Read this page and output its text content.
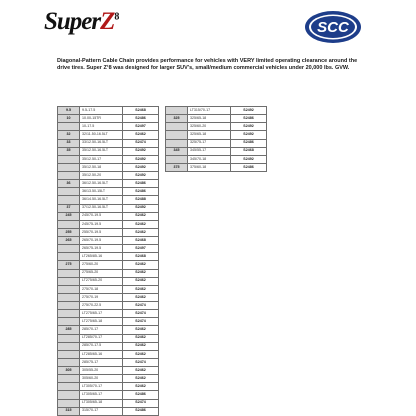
SuperZ$^8$
SCC
Diagonal-Pattern Cable Chain provides performance for vehicles with VERY limited operating clearance around the drive tires. Super Z¹8 was designed for larger SUV's, small/medium commercial vehicles under 20,000 lbs. GVW.
9.5	9.5-17.5	S2468
10	10.00-15TR	S2486
	10-17.5	S2497
32	32/11.50-16.5LT	S2462
33	33/12.50-16.5LT	S2474
35	35/12.50-16.5LT	S2492
	35/12.50-17	S2492
	35/12.50-18	S2492
	35/12.50-20	S2492
36	36/12.50-16.5LT	S2486
	36/13.50-15LT	S2486
	36/14.50-16.5LT	S2488
37	37/12.50-16.5LT	S2492
245	245/70-19.5	S2462
	245/75-19.5	S2462
255	255/70-19.5	S2462
265	265/70-19.5	S2468
	265/75-19.5	S2497
	LT265/85-16	S2468
275	275/60-20	S2462
	275/65-20	S2462
	LT275/65-20	S2462
	275/70-18	S2462
	275/70-19	S2462
	275/70-22.5	S2474
	LT275/65-17	S2474
	LT275/65-18	S2474
285	285/70-17	S2462
	LT285/70-17	S2462
	285/70-17.5	S2462
	LT285/65-16	S2462
	285/75-17	S2474
305	305/55-20	S2462
	305/60-20	S2462
	LT305/70-17	S2462
	LT305/65-17	S2486
	LT305/65-18	S2474
315	315/70-17	S2486
	LT315/70-17	S2492
325	325/65-18	S2486
	325/60-20	S2492
	325/65-18	S2492
	325/75-17	S2486
345	345/55-17	S2468
	345/70-18	S2492
375	375/60-18	S2486
